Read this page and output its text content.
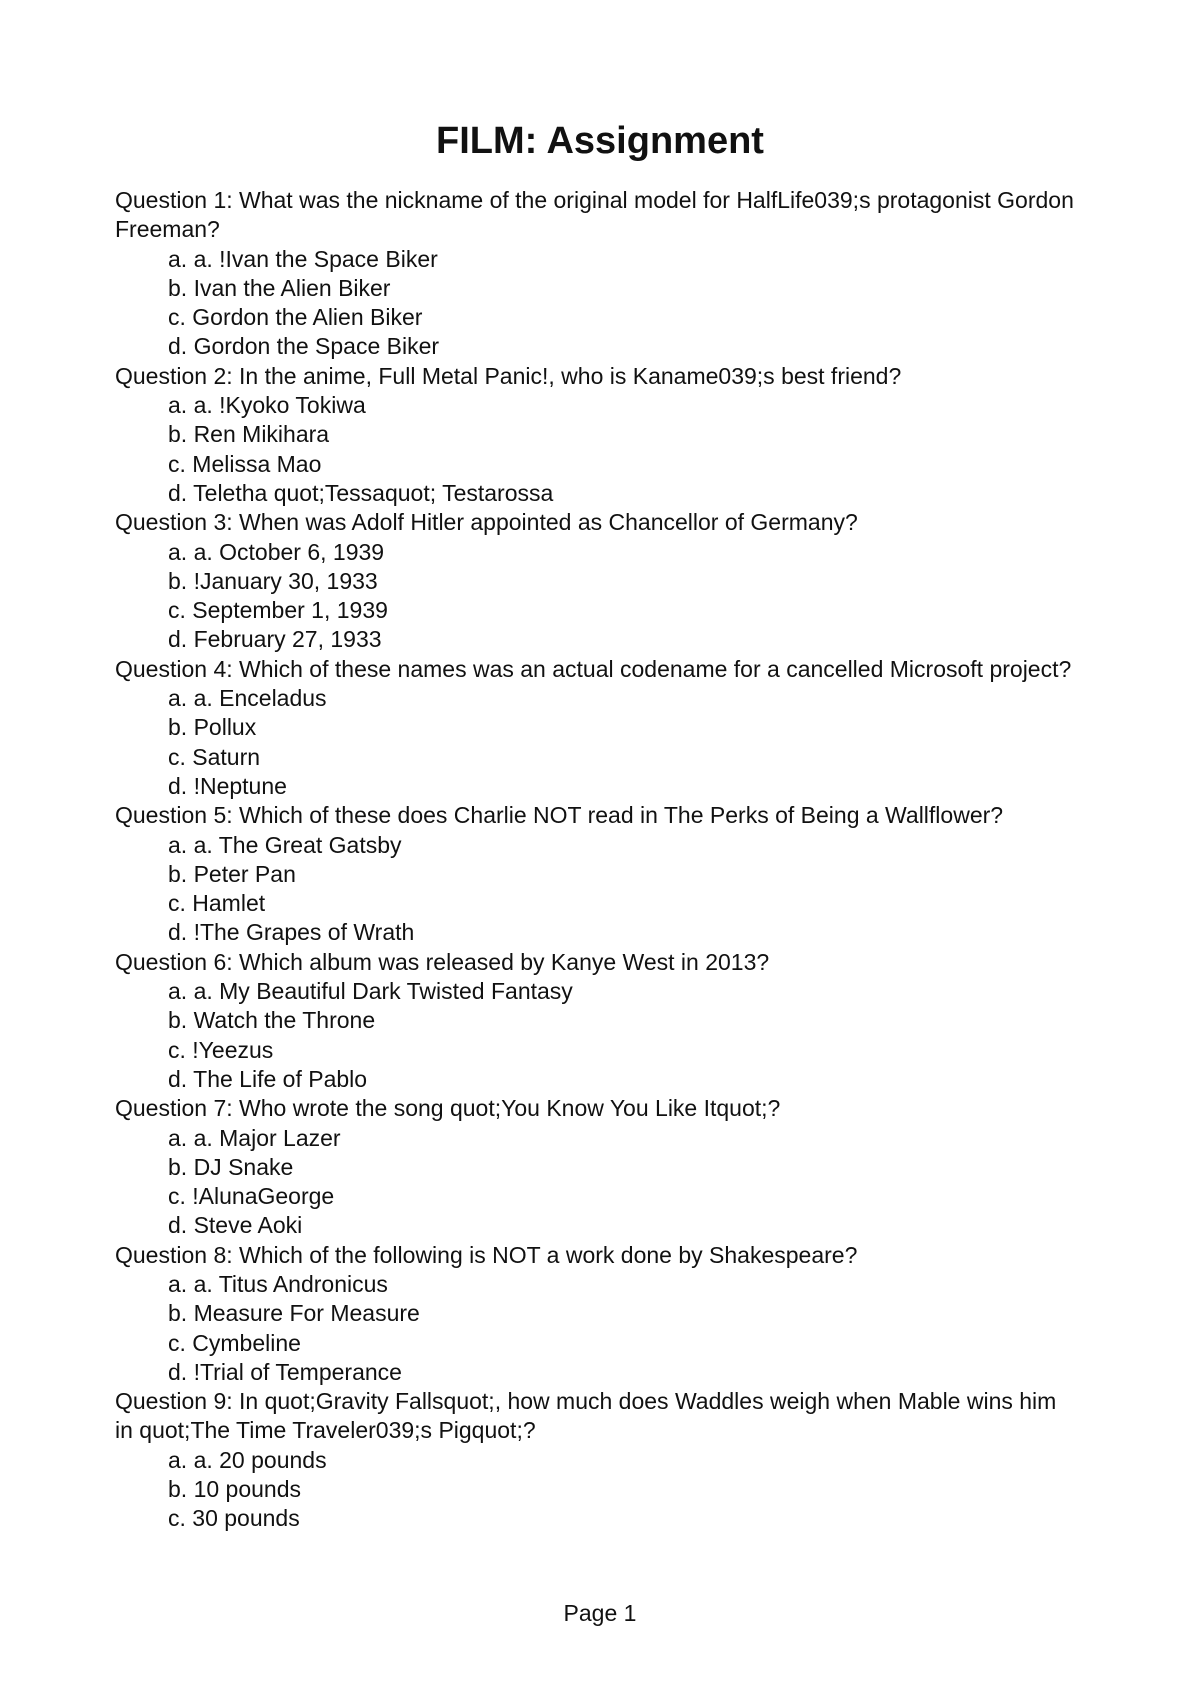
FILM: Assignment

Question 1: What was the nickname of the original model for HalfLife039;s protagonist Gordon Freeman?

a. a. !Ivan the Space Biker

b. Ivan the Alien Biker

c. Gordon the Alien Biker

d. Gordon the Space Biker

Question 2: In the anime, Full Metal Panic!, who is Kaname039;s best friend?

a. a. !Kyoko Tokiwa

b. Ren Mikihara

c. Melissa Mao

d. Teletha quot;Tessaquot; Testarossa

Question 3: When was Adolf Hitler appointed as Chancellor of Germany?

a. a. October 6, 1939

b. !January 30, 1933

c. September 1, 1939

d. February 27, 1933

Question 4: Which of these names was an actual codename for a cancelled Microsoft project?

a. a. Enceladus

b. Pollux

c. Saturn

d. !Neptune

Question 5: Which of these does Charlie NOT read in The Perks of Being a Wallflower?

a. a. The Great Gatsby

b. Peter Pan

c. Hamlet

d. !The Grapes of Wrath

Question 6: Which album was released by Kanye West in 2013?

a. a. My Beautiful Dark Twisted Fantasy

b. Watch the Throne

c. !Yeezus

d. The Life of Pablo

Question 7: Who wrote the song quot;You Know You Like Itquot;?

a. a. Major Lazer

b. DJ Snake

c. !AlunaGeorge

d. Steve Aoki

Question 8: Which of the following is NOT a work done by Shakespeare?

a. a. Titus Andronicus

b. Measure For Measure

c. Cymbeline

d. !Trial of Temperance

Question 9: In quot;Gravity Fallsquot;, how much does Waddles weigh when Mable wins him in quot;The Time Traveler039;s Pigquot;?

a. a. 20 pounds

b. 10 pounds

c. 30 pounds

Page 1
